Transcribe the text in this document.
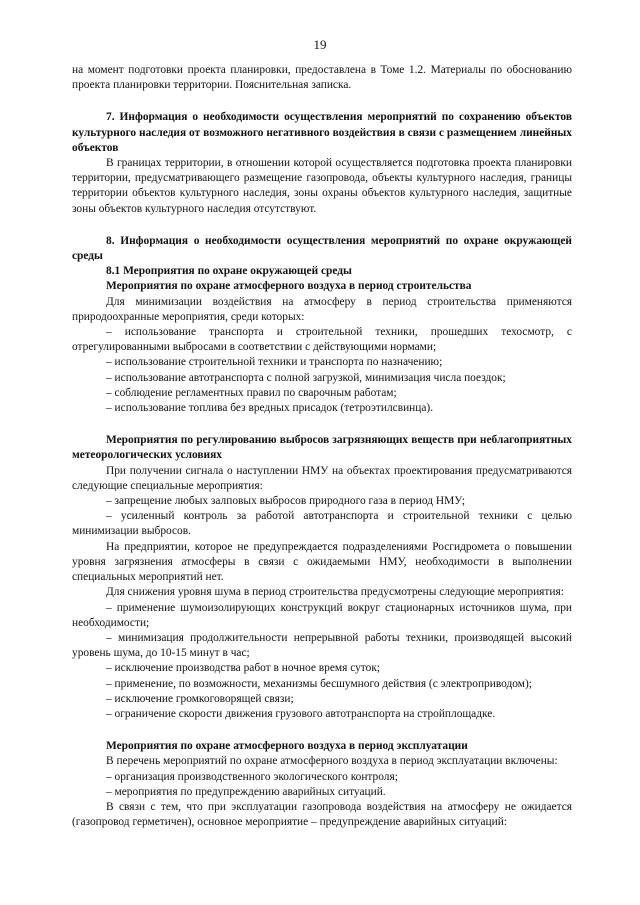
19

на момент подготовки проекта планировки, предоставлена в Томе 1.2. Материалы по обоснованию проекта планировки территории. Пояснительная записка.

7. Информация о необходимости осуществления мероприятий по сохранению объектов культурного наследия от возможного негативного воздействия в связи с размещением линейных объектов

В границах территории, в отношении которой осуществляется подготовка проекта планировки территории, предусматривающего размещение газопровода, объекты культурного наследия, границы территории объектов культурного наследия, зоны охраны объектов культурного наследия, защитные зоны объектов культурного наследия отсутствуют.

8. Информация о необходимости осуществления мероприятий по охране окружающей среды

8.1 Мероприятия по охране окружающей среды

Мероприятия по охране атмосферного воздуха в период строительства

Для минимизации воздействия на атмосферу в период строительства применяются природоохранные мероприятия, среди которых:

– использование транспорта и строительной техники, прошедших техосмотр, с отрегулированными выбросами в соответствии с действующими нормами;

– использование строительной техники и транспорта по назначению;

– использование автотранспорта с полной загрузкой, минимизация числа поездок;

– соблюдение регламентных правил по сварочным работам;

– использование топлива без вредных присадок (тетроэтилсвинца).

Мероприятия по регулированию выбросов загрязняющих веществ при неблагоприятных метеорологических условиях

При получении сигнала о наступлении НМУ на объектах проектирования предусматриваются следующие специальные мероприятия:

– запрещение любых залповых выбросов природного газа в период НМУ;

– усиленный контроль за работой автотранспорта и строительной техники с целью минимизации выбросов.

На предприятии, которое не предупреждается подразделениями Росгидромета о повышении уровня загрязнения атмосферы в связи с ожидаемыми НМУ, необходимости в выполнении специальных мероприятий нет.

Для снижения уровня шума в период строительства предусмотрены следующие мероприятия:

– применение шумоизолирующих конструкций вокруг стационарных источников шума, при необходимости;

– минимизация продолжительности непрерывной работы техники, производящей высокий уровень шума, до 10-15 минут в час;

– исключение производства работ в ночное время суток;

– применение, по возможности, механизмы бесшумного действия (с электроприводом);

– исключение громкоговорящей связи;

– ограничение скорости движения грузового автотранспорта на стройплощадке.

Мероприятия по охране атмосферного воздуха в период эксплуатации

В перечень мероприятий по охране атмосферного воздуха в период эксплуатации включены:

– организация производственного экологического контроля;

– мероприятия по предупреждению аварийных ситуаций.

В связи с тем, что при эксплуатации газопровода воздействия на атмосферу не ожидается (газопровод герметичен), основное мероприятие – предупреждение аварийных ситуаций:
